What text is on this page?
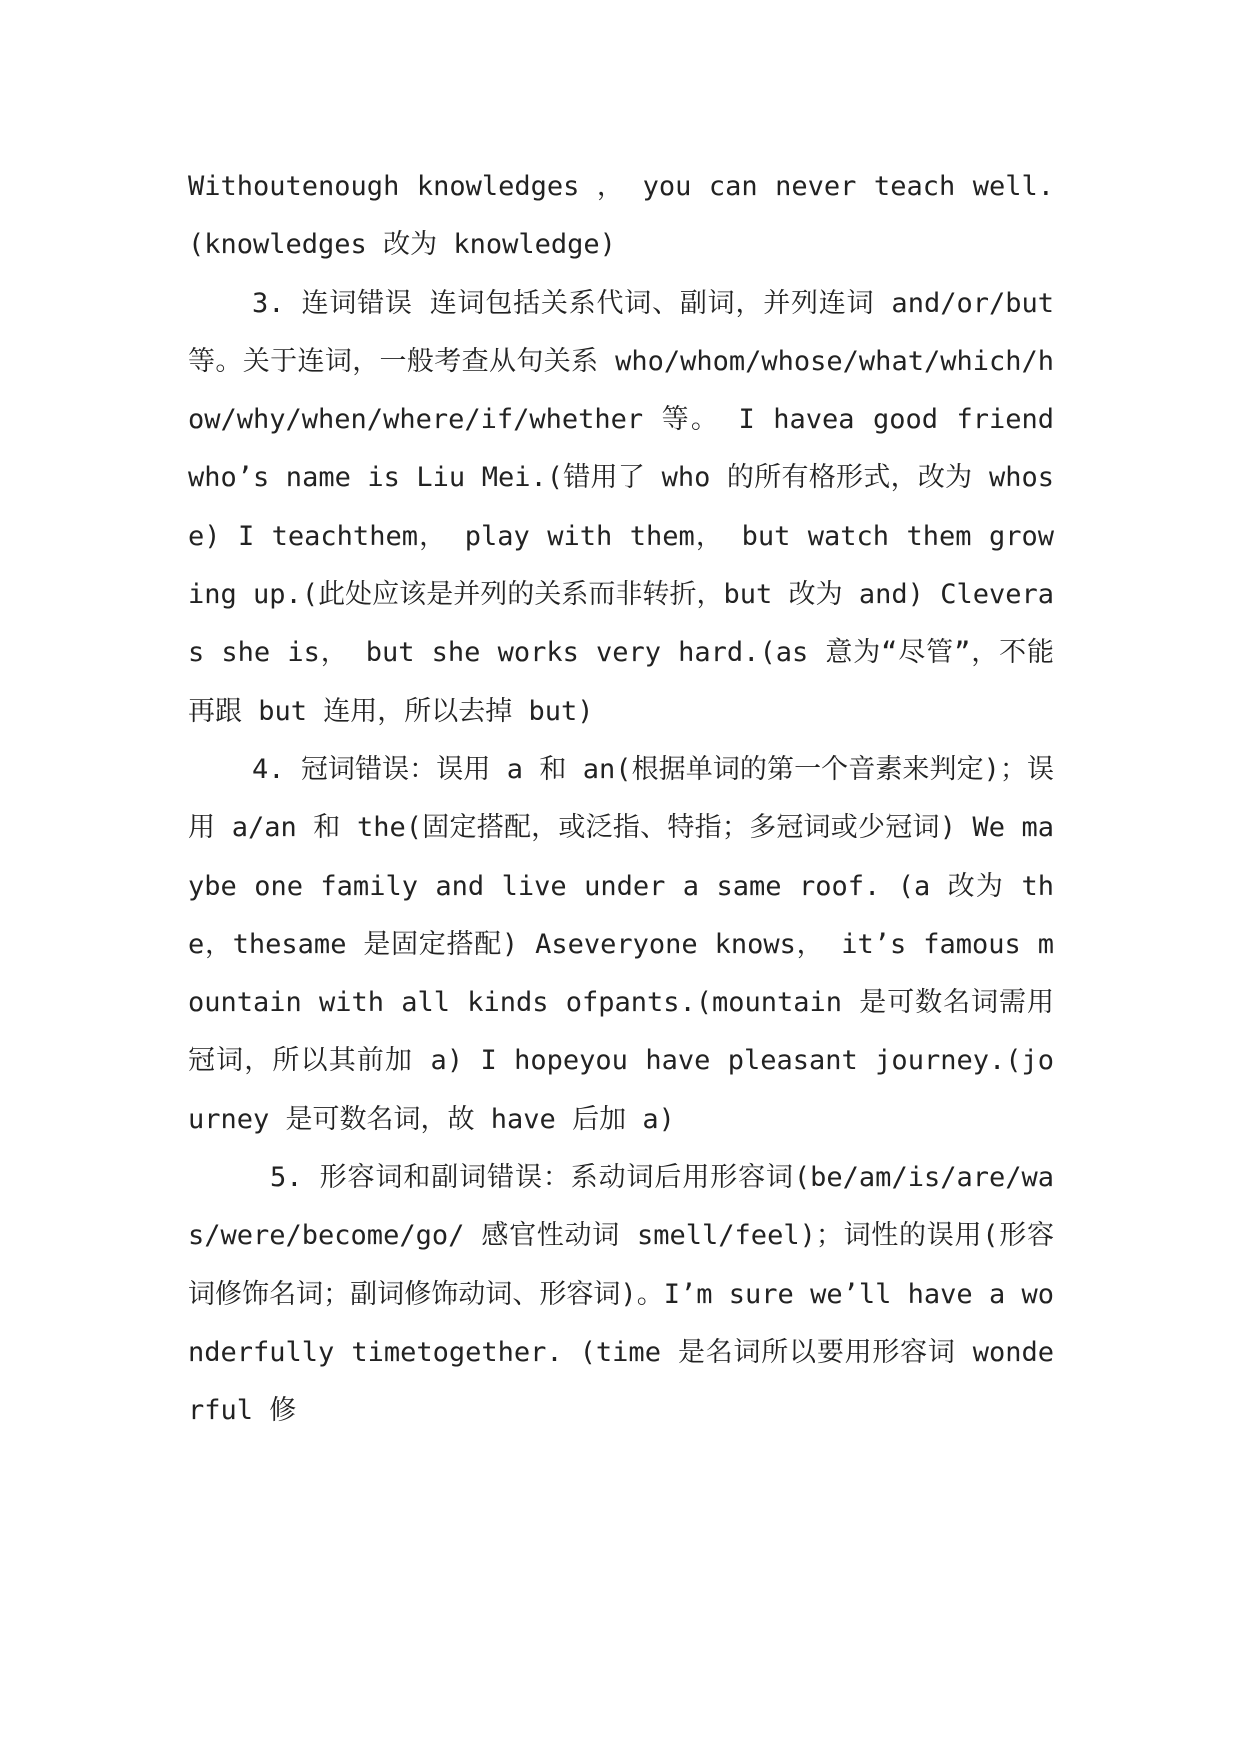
Withoutenough knowledges ， you can never teach well.(knowledges 改为 knowledge)

3. 连词错误 连词包括关系代词、副词，并列连词 and/or/but 等。关于连词，一般考查从句关系 who/whom/whose/what/which/how/why/when/where/if/whether 等。 I havea good friend who’s name is Liu Mei.(错用了 who 的所有格形式，改为 whose) I teachthem， play with them， but watch them growing up.(此处应该是并列的关系而非转折，but 改为 and) Cleveras she is， but she works very hard.(as 意为“尽管”，不能再跟 but 连用，所以去掉 but)

4. 冠词错误：误用 a 和 an(根据单词的第一个音素来判定)；误用 a/an 和 the(固定搭配，或泛指、特指；多冠词或少冠词) We maybe one family and live under a same roof. (a 改为 the，thesame 是固定搭配) Aseveryone knows， it’s famous mountain with all kinds ofpants.(mountain 是可数名词需用冠词，所以其前加 a) I hopeyou have pleasant journey.(journey 是可数名词，故 have 后加 a)

5. 形容词和副词错误：系动词后用形容词(be/am/is/are/was/were/become/go/ 感官性动词 smell/feel)；词性的误用(形容词修饰名词；副词修饰动词、形容词)。I’m sure we’ll have a wonderfully timetogether. (time 是名词所以要用形容词 wonderful 修
